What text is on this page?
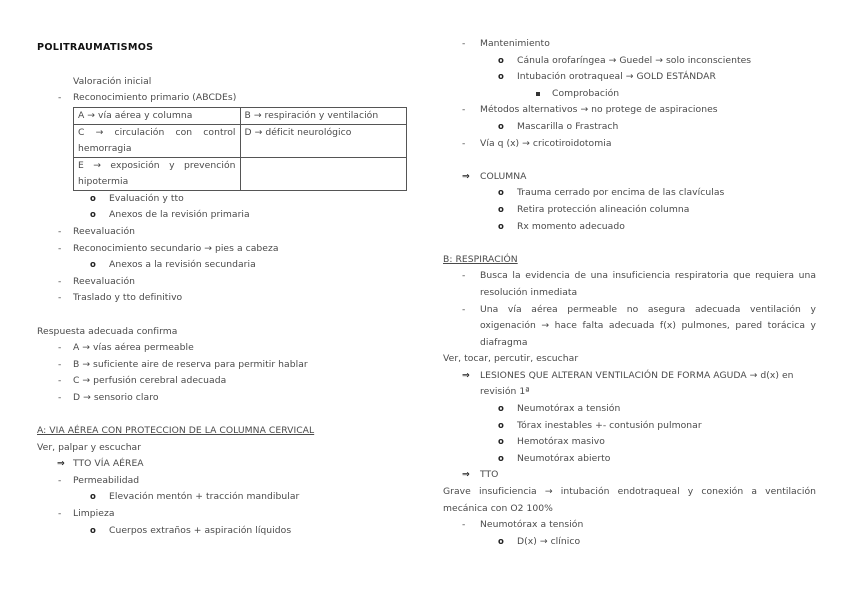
POLITRAUMATISMOS
Valoración inicial
-	Reconocimiento primario (ABCDEs)
A → vía aérea y columna	B → respiración y ventilación

C → circulación con control
hemorragia	D → déficit neurológico

E → exposición y prevención
hipotermia	

o	Evaluación y tto
o	Anexos de la revisión primaria
-	Reevaluación
-	Reconocimiento secundario → pies a cabeza
o	Anexos a la revisión secundaria
-	Reevaluación
-	Traslado y tto definitivo
Respuesta adecuada confirma
-	A → vías aérea permeable
-	B → suficiente aire de reserva para permitir hablar
-	C → perfusión cerebral adecuada
-	D → sensorio claro
A: VIA AÉREA CON PROTECCION DE LA COLUMNA CERVICAL
Ver, palpar y escuchar
⇒ TTO VÍA AÉREA
-	Permeabilidad
o	Elevación mentón + tracción mandibular
-	Limpieza
o	Cuerpos extraños + aspiración líquidos
-	Mantenimiento
o	Cánula orofaríngea → Guedel → solo inconscientes
o	Intubación orotraqueal → GOLD ESTÁNDAR
Comprobación
-	Métodos alternativos → no protege de aspiraciones
o	Mascarilla o Frastrach
-	Vía q (x) → cricotiroidotomia
⇒	COLUMNA
o	Trauma cerrado por encima de las clavículas
o	Retira protección alineación columna
o	Rx momento adecuado
B: RESPIRACIÓN
-	Busca la evidencia de una insuficiencia respiratoria que requiera una
resolución inmediata
-	Una vía aérea permeable no asegura adecuada ventilación y
oxigenación → hace falta adecuada f(x) pulmones, pared torácica y
diafragma
Ver, tocar, percutir, escuchar
⇒	LESIONES QUE ALTERAN VENTILACIÓN DE FORMA AGUDA → d(x) en
revisión 1ª
o	Neumotórax a tensión
o	Tórax inestables +- contusión pulmonar
o	Hemotórax masivo
o	Neumotórax abierto
⇒	TTO
Grave insuficiencia → intubación endotraqueal y conexión a ventilación
mecánica con O2 100%
-	Neumotórax a tensión
o	D(x) → clínico
